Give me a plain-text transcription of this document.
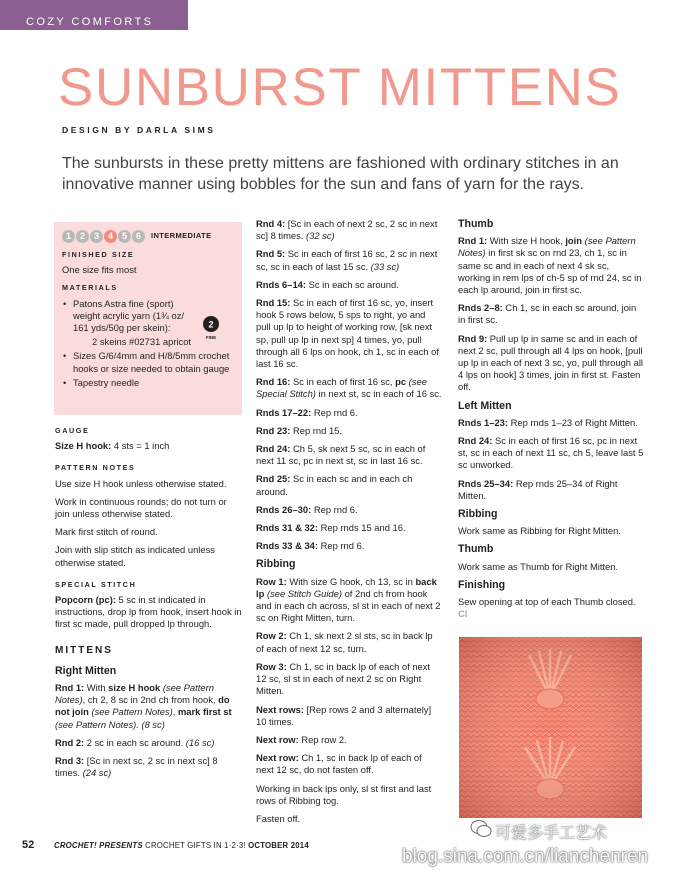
COZY COMFORTS
SUNBURST MITTENS
DESIGN BY DARLA SIMS
The sunbursts in these pretty mittens are fashioned with ordinary stitches in an innovative manner using bobbles for the sun and fans of yarn for the rays.
1 2 3 4 5 6	INTERMEDIATE
FINISHED SIZE

One size fits most

MATERIALS
• Patons Astra fine (sport) weight acrylic yarn (1¾ oz/ 161 yds/50g per skein):
2 skeins #02731 apricot
• Sizes G/6/4mm and H/8/5mm crochet hooks or size needed to obtain gauge
• Tapestry needle
2
FINE
GAUGE

Size H hook: 4 sts = 1 inch

PATTERN NOTES

Use size H hook unless otherwise stated.

Work in continuous rounds; do not turn or join unless otherwise stated.

Mark first stitch of round.

Join with slip stitch as indicated unless otherwise stated.

SPECIAL STITCH

Popcorn (pc): 5 sc in st indicated in instructions, drop lp from hook, insert hook in first sc made, pull dropped lp through.

MITTENS
Right Mitten

Rnd 1: With size H hook (see Pattern Notes), ch 2, 8 sc in 2nd ch from hook, do not join (see Pattern Notes), mark first st (see Pattern Notes). (8 sc)

Rnd 2: 2 sc in each sc around. (16 sc)

Rnd 3: [Sc in next sc, 2 sc in next sc] 8 times. (24 sc)

Rnd 4: [Sc in each of next 2 sc, 2 sc in next sc] 8 times. (32 sc)

Rnd 5: Sc in each of first 16 sc, 2 sc in next sc, sc in each of last 15 sc. (33 sc)

Rnds 6–14: Sc in each sc around.

Rnd 15: Sc in each of first 16 sc, yo, insert hook 5 rows below, 5 sps to right, yo and pull up lp to height of working row, [sk next sp, pull up lp in next sp] 4 times, yo, pull through all 6 lps on hook, ch 1, sc in each of last 16 sc.

Rnd 16: Sc in each of first 16 sc, pc (see Special Stitch) in next st, sc in each of 16 sc.

Rnds 17–22: Rep rnd 6.

Rnd 23: Rep rnd 15.

Rnd 24: Ch 5, sk next 5 sc, sc in each of next 11 sc, pc in next st, sc in last 16 sc.

Rnd 25: Sc in each sc and in each ch around.

Rnds 26–30: Rep rnd 6.

Rnds 31 & 32: Rep rnds 15 and 16.

Rnds 33 & 34: Rep rnd 6.

Ribbing

Row 1: With size G hook, ch 13, sc in back lp (see Stitch Guide) of 2nd ch from hook and in each ch across, sl st in each of next 2 sc on Right Mitten, turn.

Row 2: Ch 1, sk next 2 sl sts, sc in back lp of each of next 12 sc, turn.

Row 3: Ch 1, sc in back lp of each of next 12 sc, sl st in each of next 2 sc on Right Mitten.

Next rows: [Rep rows 2 and 3 alternately] 10 times.

Next row: Rep row 2.

Next row: Ch 1, sc in back lp of each of next 12 sc, do not fasten off.

Working in back lps only, sl st first and last rows of Ribbing tog.

Fasten off.

Thumb

Rnd 1: With size H hook, join (see Pattern Notes) in first sk sc on rnd 23, ch 1, sc in same sc and in each of next 4 sk sc, working in rem lps of ch-5 sp of rnd 24, sc in each lp around, join in first sc.

Rnds 2–8: Ch 1, sc in each sc around, join in first sc.

Rnd 9: Pull up lp in same sc and in each of next 2 sc, pull through all 4 lps on hook, [pull up lp in each of next 3 sc, yo, pull through all 4 lps on hook] 3 times, join in first st. Fasten off.

Left Mitten

Rnds 1–23: Rep rnds 1–23 of Right Mitten.

Rnd 24: Sc in each of first 16 sc, pc in next st, sc in each of next 11 sc, ch 5, leave last 5 sc unworked.

Rnds 25–34: Rep rnds 25–34 of Right Mitten.

Ribbing

Work same as Ribbing for Right Mitten.

Thumb

Work same as Thumb for Right Mitten.

Finishing

Sew opening at top of each Thumb closed. CI

52	CROCHET! PRESENTS CROCHET GIFTS IN 1·2·3! OCTOBER 2014
可爱多手工艺术
blog.sina.com.cn/lianchenren
